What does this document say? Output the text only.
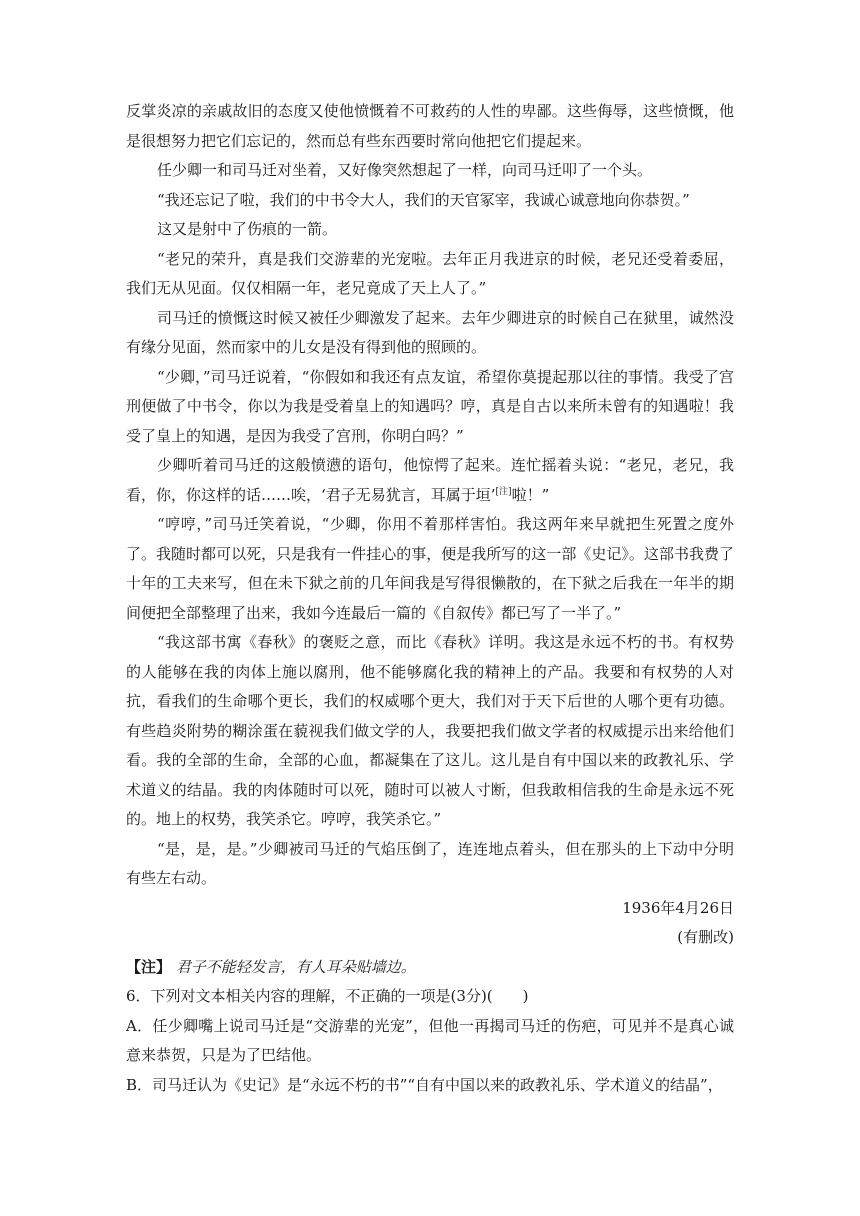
反掌炎凉的亲戚故旧的态度又使他愤慨着不可救药的人性的卑鄙。这些侮辱，这些愤慨，他是很想努力把它们忘记的，然而总有些东西要时常向他把它们提起来。

任少卿一和司马迁对坐着，又好像突然想起了一样，向司马迁叩了一个头。

“我还忘记了啦，我们的中书令大人，我们的天官冢宰，我诚心诚意地向你恭贺。”

这又是射中了伤痕的一箭。

“老兄的荣升，真是我们交游辈的光宠啦。去年正月我进京的时候，老兄还受着委屈，我们无从见面。仅仅相隔一年，老兄竟成了天上人了。”

司马迁的愤慨这时候又被任少卿激发了起来。去年少卿进京的时候自己在狱里，诚然没有缘分见面，然而家中的儿女是没有得到他的照顾的。

“少卿，”司马迁说着，“你假如和我还有点友谊，希望你莫提起那以往的事情。我受了宫刑便做了中书令，你以为我是受着皇上的知遇吗？哼，真是自古以来所未曾有的知遇啦！我受了皇上的知遇，是因为我受了宫刑，你明白吗？”

少卿听着司马迁的这般愤懑的语句，他惊愕了起来。连忙摇着头说：“老兄，老兄，我看，你，你这样的话……唉，‘君子无易犹言，耳属于垣’[注]啦！”

“哼哼，”司马迁笑着说，“少卿，你用不着那样害怕。我这两年来早就把生死置之度外了。我随时都可以死，只是我有一件挂心的事，便是我所写的这一部《史记》。这部书我费了十年的工夫来写，但在未下狱之前的几年间我是写得很懒散的，在下狱之后我在一年半的期间便把全部整理了出来，我如今连最后一篇的《自叙传》都已写了一半了。”

“我这部书寓《春秋》的褒贬之意，而比《春秋》详明。我这是永远不朽的书。有权势的人能够在我的肉体上施以腐刑，他不能够腐化我的精神上的产品。我要和有权势的人对抗，看我们的生命哪个更长，我们的权威哪个更大，我们对于天下后世的人哪个更有功德。有些趋炎附势的糊涂蛋在藐视我们做文学的人，我要把我们做文学者的权威提示出来给他们看。我的全部的生命，全部的心血，都凝集在了这儿。这儿是自有中国以来的政教礼乐、学术道义的结晶。我的肉体随时可以死，随时可以被人寸断，但我敢相信我的生命是永远不死的。地上的权势，我笑杀它。哼哼，我笑杀它。”

“是，是，是。”少卿被司马迁的气焰压倒了，连连地点着头，但在那头的上下动中分明有些左右动。

1936年4月26日

(有删改)

【注】 君子不能轻发言，有人耳朵贴墙边。

6．下列对文本相关内容的理解，不正确的一项是(3分)(　　)

A．任少卿嘴上说司马迁是“交游辈的光宠”，但他一再揭司马迁的伤疤，可见并不是真心诚意来恭贺，只是为了巴结他。

B．司马迁认为《史记》是“永远不朽的书”“自有中国以来的政教礼乐、学术道义的结晶”，
